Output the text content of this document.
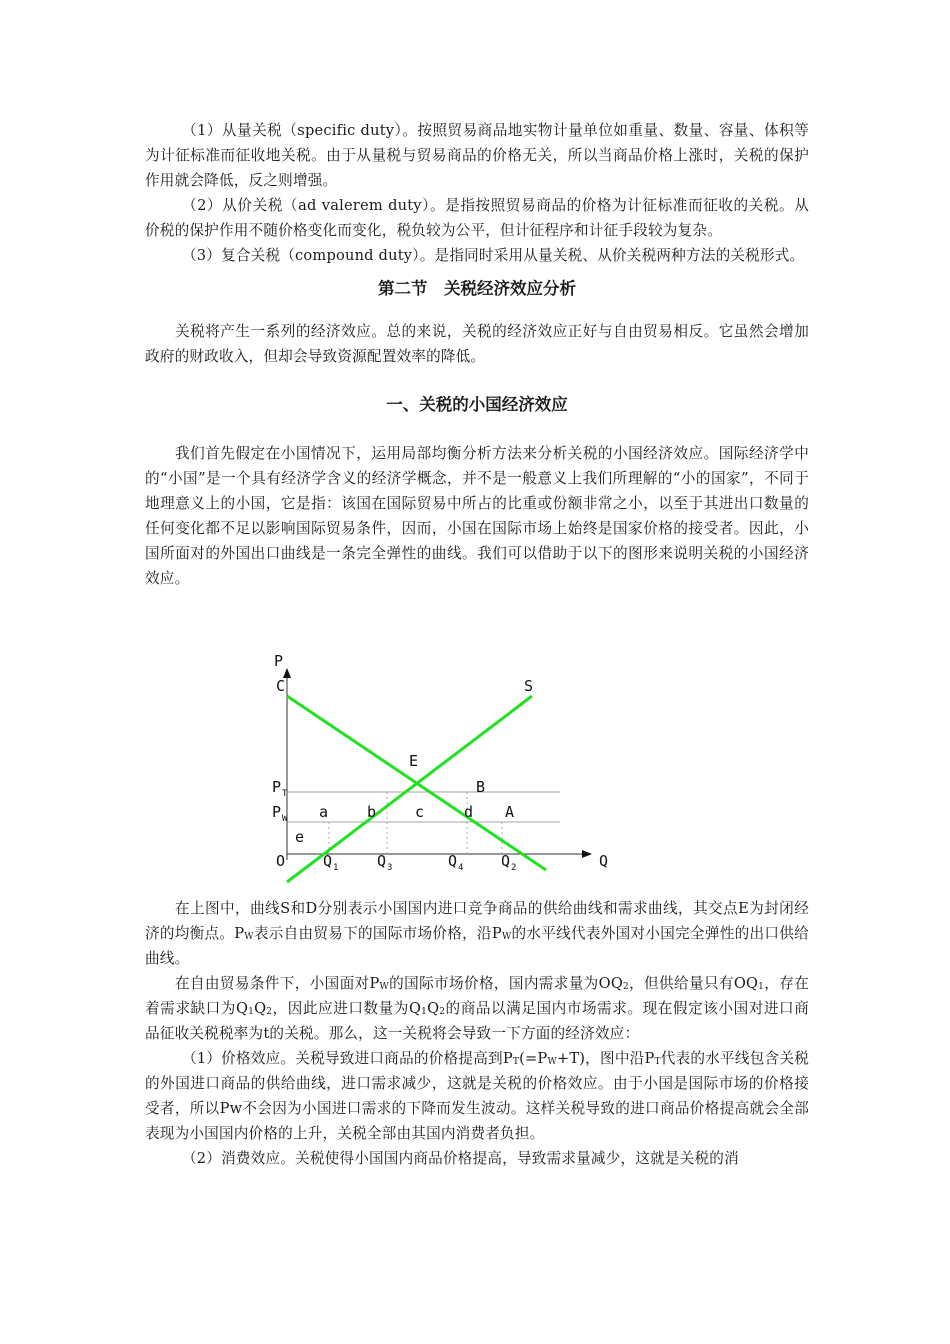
（1）从量关税（specific duty）。按照贸易商品地实物计量单位如重量、数量、容量、体积等为计征标准而征收地关税。由于从量税与贸易商品的价格无关，所以当商品价格上涨时，关税的保护作用就会降低，反之则增强。

（2）从价关税（ad valerem duty）。是指按照贸易商品的价格为计征标准而征收的关税。从价税的保护作用不随价格变化而变化，税负较为公平，但计征程序和计征手段较为复杂。

（3）复合关税（compound duty）。是指同时采用从量关税、从价关税两种方法的关税形式。

第二节　关税经济效应分析

关税将产生一系列的经济效应。总的来说，关税的经济效应正好与自由贸易相反。它虽然会增加政府的财政收入，但却会导致资源配置效率的降低。

一、关税的小国经济效应

我们首先假定在小国情况下，运用局部均衡分析方法来分析关税的小国经济效应。国际经济学中的“小国”是一个具有经济学含义的经济学概念，并不是一般意义上我们所理解的“小的国家”，不同于地理意义上的小国，它是指：该国在国际贸易中所占的比重或份额非常之小，以至于其进出口数量的任何变化都不足以影响国际贸易条件，因而，小国在国际市场上始终是国家价格的接受者。因此，小国所面对的外国出口曲线是一条完全弹性的曲线。我们可以借助于以下的图形来说明关税的小国经济效应。

P
C	S
E
P T
P W
B
a	b	c	d A
e
O	Q 1	Q 3	Q 4	Q 2	Q

在上图中，曲线S和D分别表示小国国内进口竞争商品的供给曲线和需求曲线，其交点E为封闭经济的均衡点。$P_W$表示自由贸易下的国际市场价格，沿$P_W$的水平线代表外国对小国完全弹性的出口供给曲线。

在自由贸易条件下，小国面对$P_W$的国际市场价格，国内需求量为$OQ_2$，但供给量只有$OQ_1$，存在着需求缺口为$Q_1Q_2$，因此应进口数量为$Q_1Q_2$的商品以满足国内市场需求。现在假定该小国对进口商品征收关税税率为t的关税。那么，这一关税将会导致一下方面的经济效应：

（1）价格效应。关税导致进口商品的价格提高到$P_T(=P_W+T)$，图中沿$P_T$代表的水平线包含关税的外国进口商品的供给曲线，进口需求减少，这就是关税的价格效应。由于小国是国际市场的价格接受者，所以Pw不会因为小国进口需求的下降而发生波动。这样关税导致的进口商品价格提高就会全部表现为小国国内价格的上升，关税全部由其国内消费者负担。

（2）消费效应。关税使得小国国内商品价格提高，导致需求量减少，这就是关税的消
